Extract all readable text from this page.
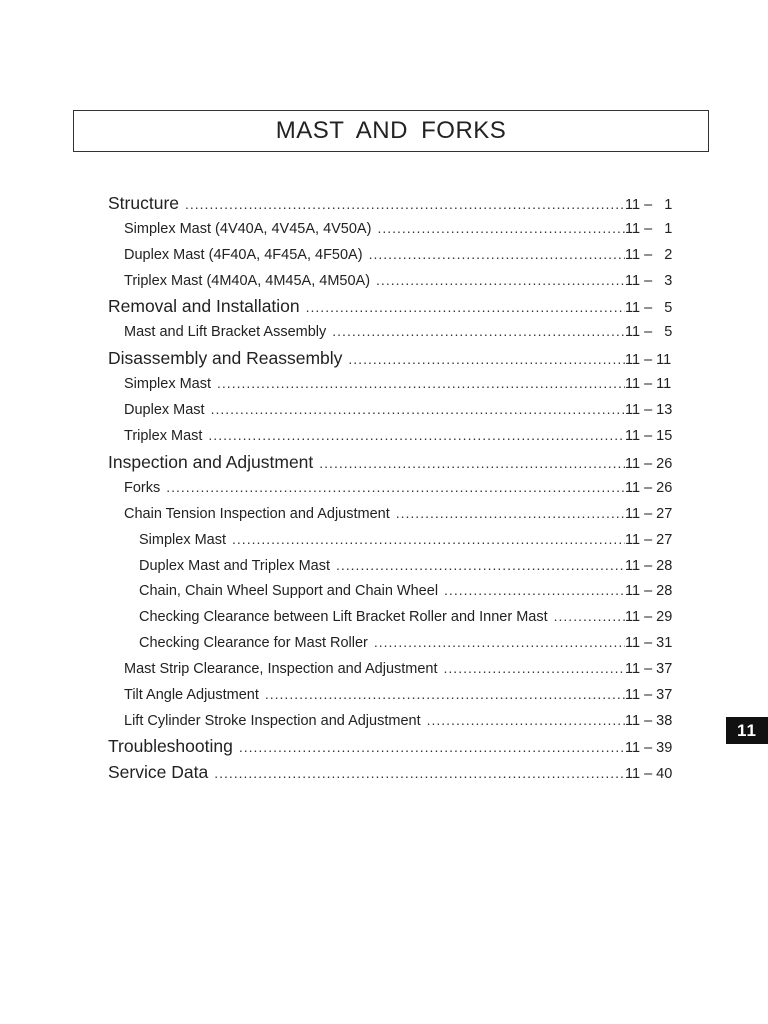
MAST AND FORKS
Structure .....	11 –   1
Simplex Mast (4V40A, 4V45A, 4V50A) .....	11 –   1
Duplex Mast (4F40A, 4F45A, 4F50A) .....	11 –   2
Triplex Mast (4M40A, 4M45A, 4M50A) .....	11 –   3
Removal and Installation .....	11 –   5
Mast and Lift Bracket Assembly .....	11 –   5
Disassembly and Reassembly .....	11 – 11
Simplex Mast .....	11 – 11
Duplex Mast .....	11 – 13
Triplex Mast .....	11 – 15
Inspection and Adjustment .....	11 – 26
Forks .....	11 – 26
Chain Tension Inspection and Adjustment .....	11 – 27
Simplex Mast .....	11 – 27
Duplex Mast and Triplex Mast .....	11 – 28
Chain, Chain Wheel Support and Chain Wheel .....	11 – 28
Checking Clearance between Lift Bracket Roller and Inner Mast .....	11 – 29
Checking Clearance for Mast Roller .....	11 – 31
Mast Strip Clearance, Inspection and Adjustment .....	11 – 37
Tilt Angle Adjustment .....	11 – 37
Lift Cylinder Stroke Inspection and Adjustment .....	11 – 38
Troubleshooting .....	11 – 39
Service Data .....	11 – 40
11
